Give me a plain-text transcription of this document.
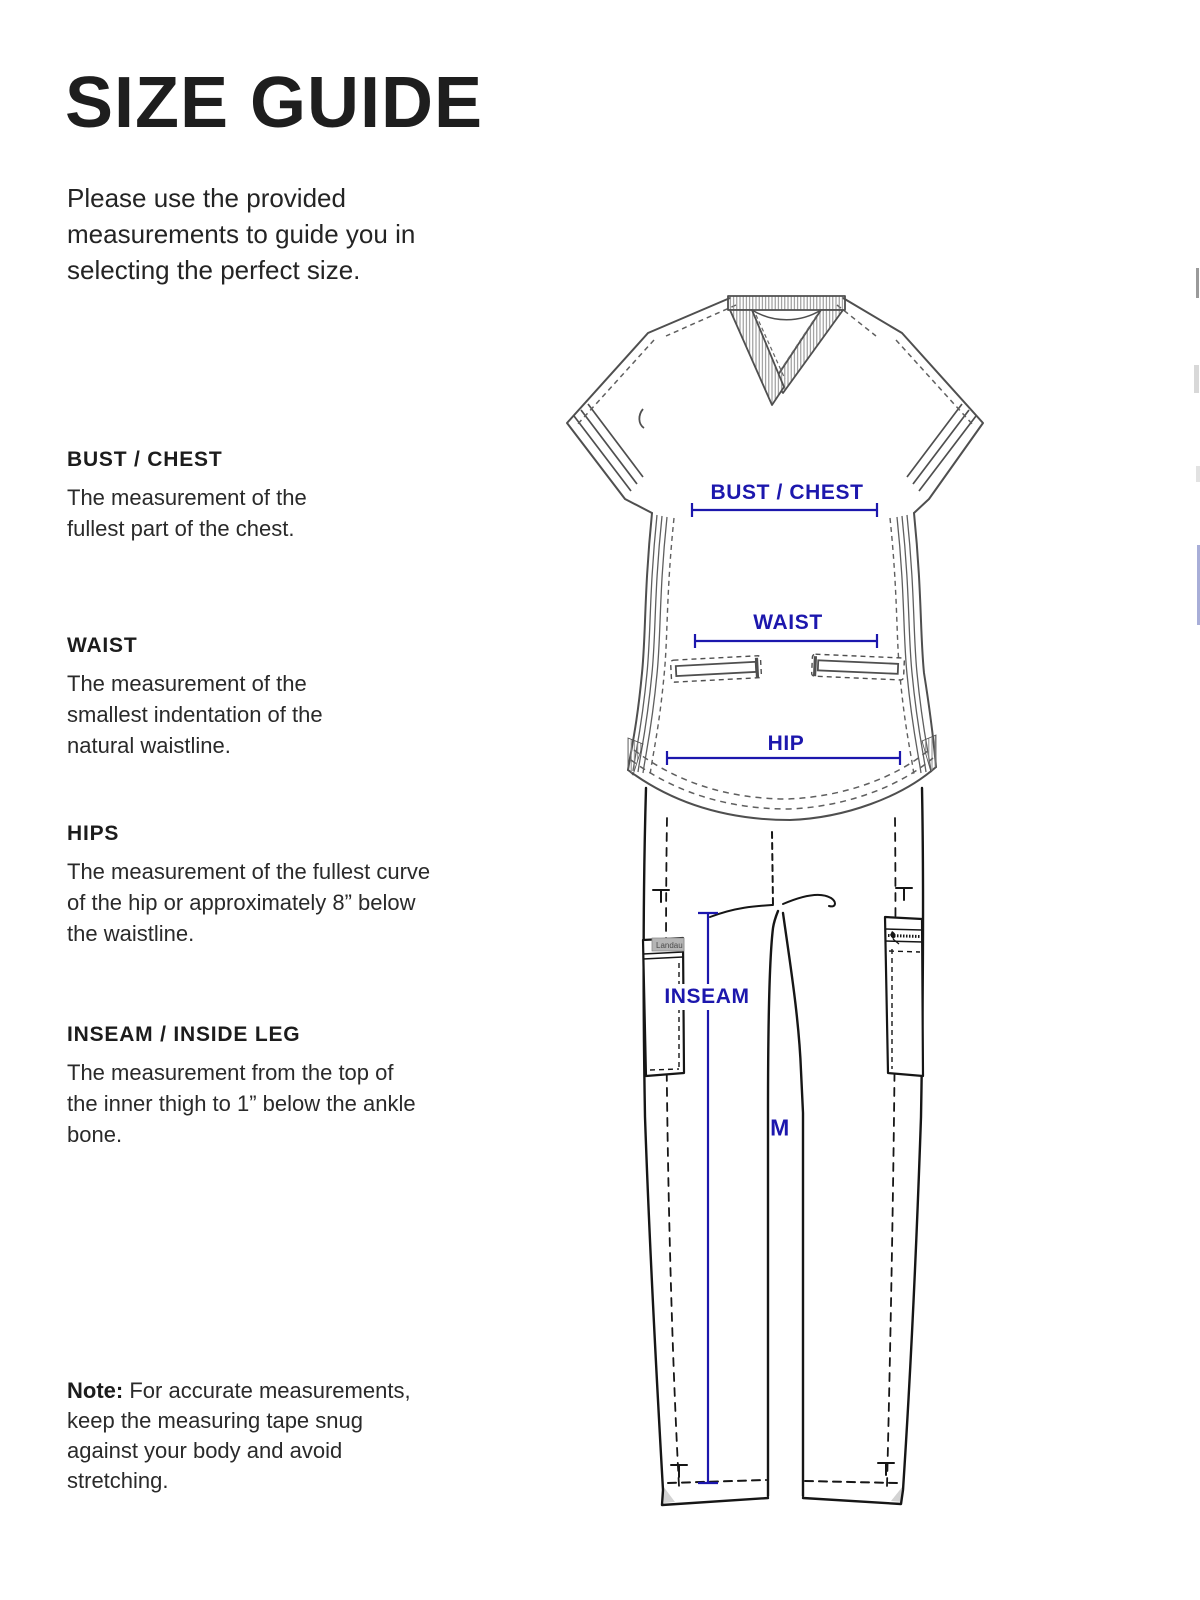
SIZE GUIDE

Please use the provided measurements to guide you in selecting the perfect size.

BUST / CHEST

The measurement of the fullest part of the chest.

WAIST

The measurement of the smallest indentation of the natural waistline.

HIPS

The measurement of the fullest curve of the hip or approximately 8” below the waistline.

INSEAM / INSIDE LEG

The measurement from the top of the inner thigh to 1” below the ankle bone.

Note: For accurate measurements, keep the measuring tape snug against your body and avoid stretching.
Landau
BUST / CHEST
WAIST
HIP
INSEAM
M
